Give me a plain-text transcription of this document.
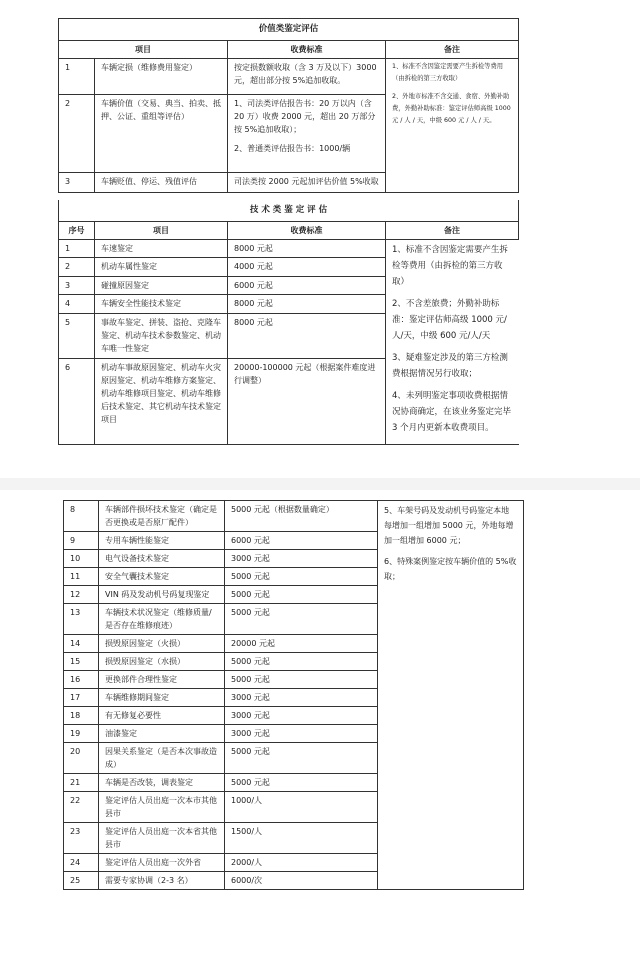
价值类鉴定评估			
项目		收费标准	备注
1	车辆定损（维修费用鉴定）	按定损数额收取（含 3 万及以下）3000 元，超出部分按 5%追加收取。	1、标准不含因鉴定需要产生拆检等费用（由拆检的第三方收取）

2、外地市标准不含交通、食宿、外勤补助费，外勤补助标准：鉴定评估师高级 1000 元 / 人 / 天，中级 600 元 / 人 / 天。

2	车辆价值（交易、典当、拍卖、抵押、公证、重组等评估）	1、司法类评估报告书：20 万以内（含 20 万）收费 2000 元，超出 20 万部分按 5%追加收取）；
2、普通类评估报告书：1000/辆	

3	车辆贬值、停运、残值评估	司法类按 2000 元起加评估价值 5%收取	
技 术 类 鉴 定 评 估			
序号	项目	收费标准	备注
1	车速鉴定	8000 元起	1、标准不含因鉴定需要产生拆检等费用（由拆检的第三方收取）

2、不含差旅费；外勤补助标准：鉴定评估师高级 1000 元/人/天，中级 600 元/人/天

3、疑难鉴定涉及的第三方检测费根据情况另行收取；

4、未列明鉴定事项收费根据情况协商确定，在该业务鉴定完毕 3 个月内更新本收费项目。

2	机动车属性鉴定	4000 元起	
3	碰撞原因鉴定	6000 元起	
4	车辆安全性能技术鉴定	8000 元起	
5	事故车鉴定、拼装、盗抢、克隆车鉴定、机动车技术参数鉴定、机动车唯一性鉴定	8000 元起	
6	机动车事故原因鉴定、机动车火灾原因鉴定、机动车维修方案鉴定、机动车维修项目鉴定、机动车维修后技术鉴定、其它机动车技术鉴定项目	20000-100000 元起（根据案件难度进行调整）	
8	车辆部件损坏技术鉴定（确定是否更换或是否原厂配件）	5000 元起（根据数量确定）	5、车架号码及发动机号码鉴定本地每增加一组增加 5000 元，外地每增加一组增加 6000 元；

6、特殊案例鉴定按车辆价值的 5%收取；

9	专用车辆性能鉴定	6000 元起	
10	电气设备技术鉴定	3000 元起	
11	安全气囊技术鉴定	5000 元起	
12	VIN 码及发动机号码复现鉴定	5000 元起	
13	车辆技术状况鉴定（维修质量/是否存在维修痕迹）	5000 元起	
14	损毁原因鉴定（火损）	20000 元起	
15	损毁原因鉴定（水损）	5000 元起	
16	更换部件合理性鉴定	5000 元起	
17	车辆维修期间鉴定	3000 元起	
18	有无修复必要性	3000 元起	
19	油漆鉴定	3000 元起	
20	因果关系鉴定（是否本次事故造成）	5000 元起	
21	车辆是否改装，调表鉴定	5000 元起	
22	鉴定评估人员出庭一次本市其他县市	1000/人	
23	鉴定评估人员出庭一次本省其他县市	1500/人	
24	鉴定评估人员出庭一次外省	2000/人	
25	需要专家协调（2-3 名）	6000/次	
